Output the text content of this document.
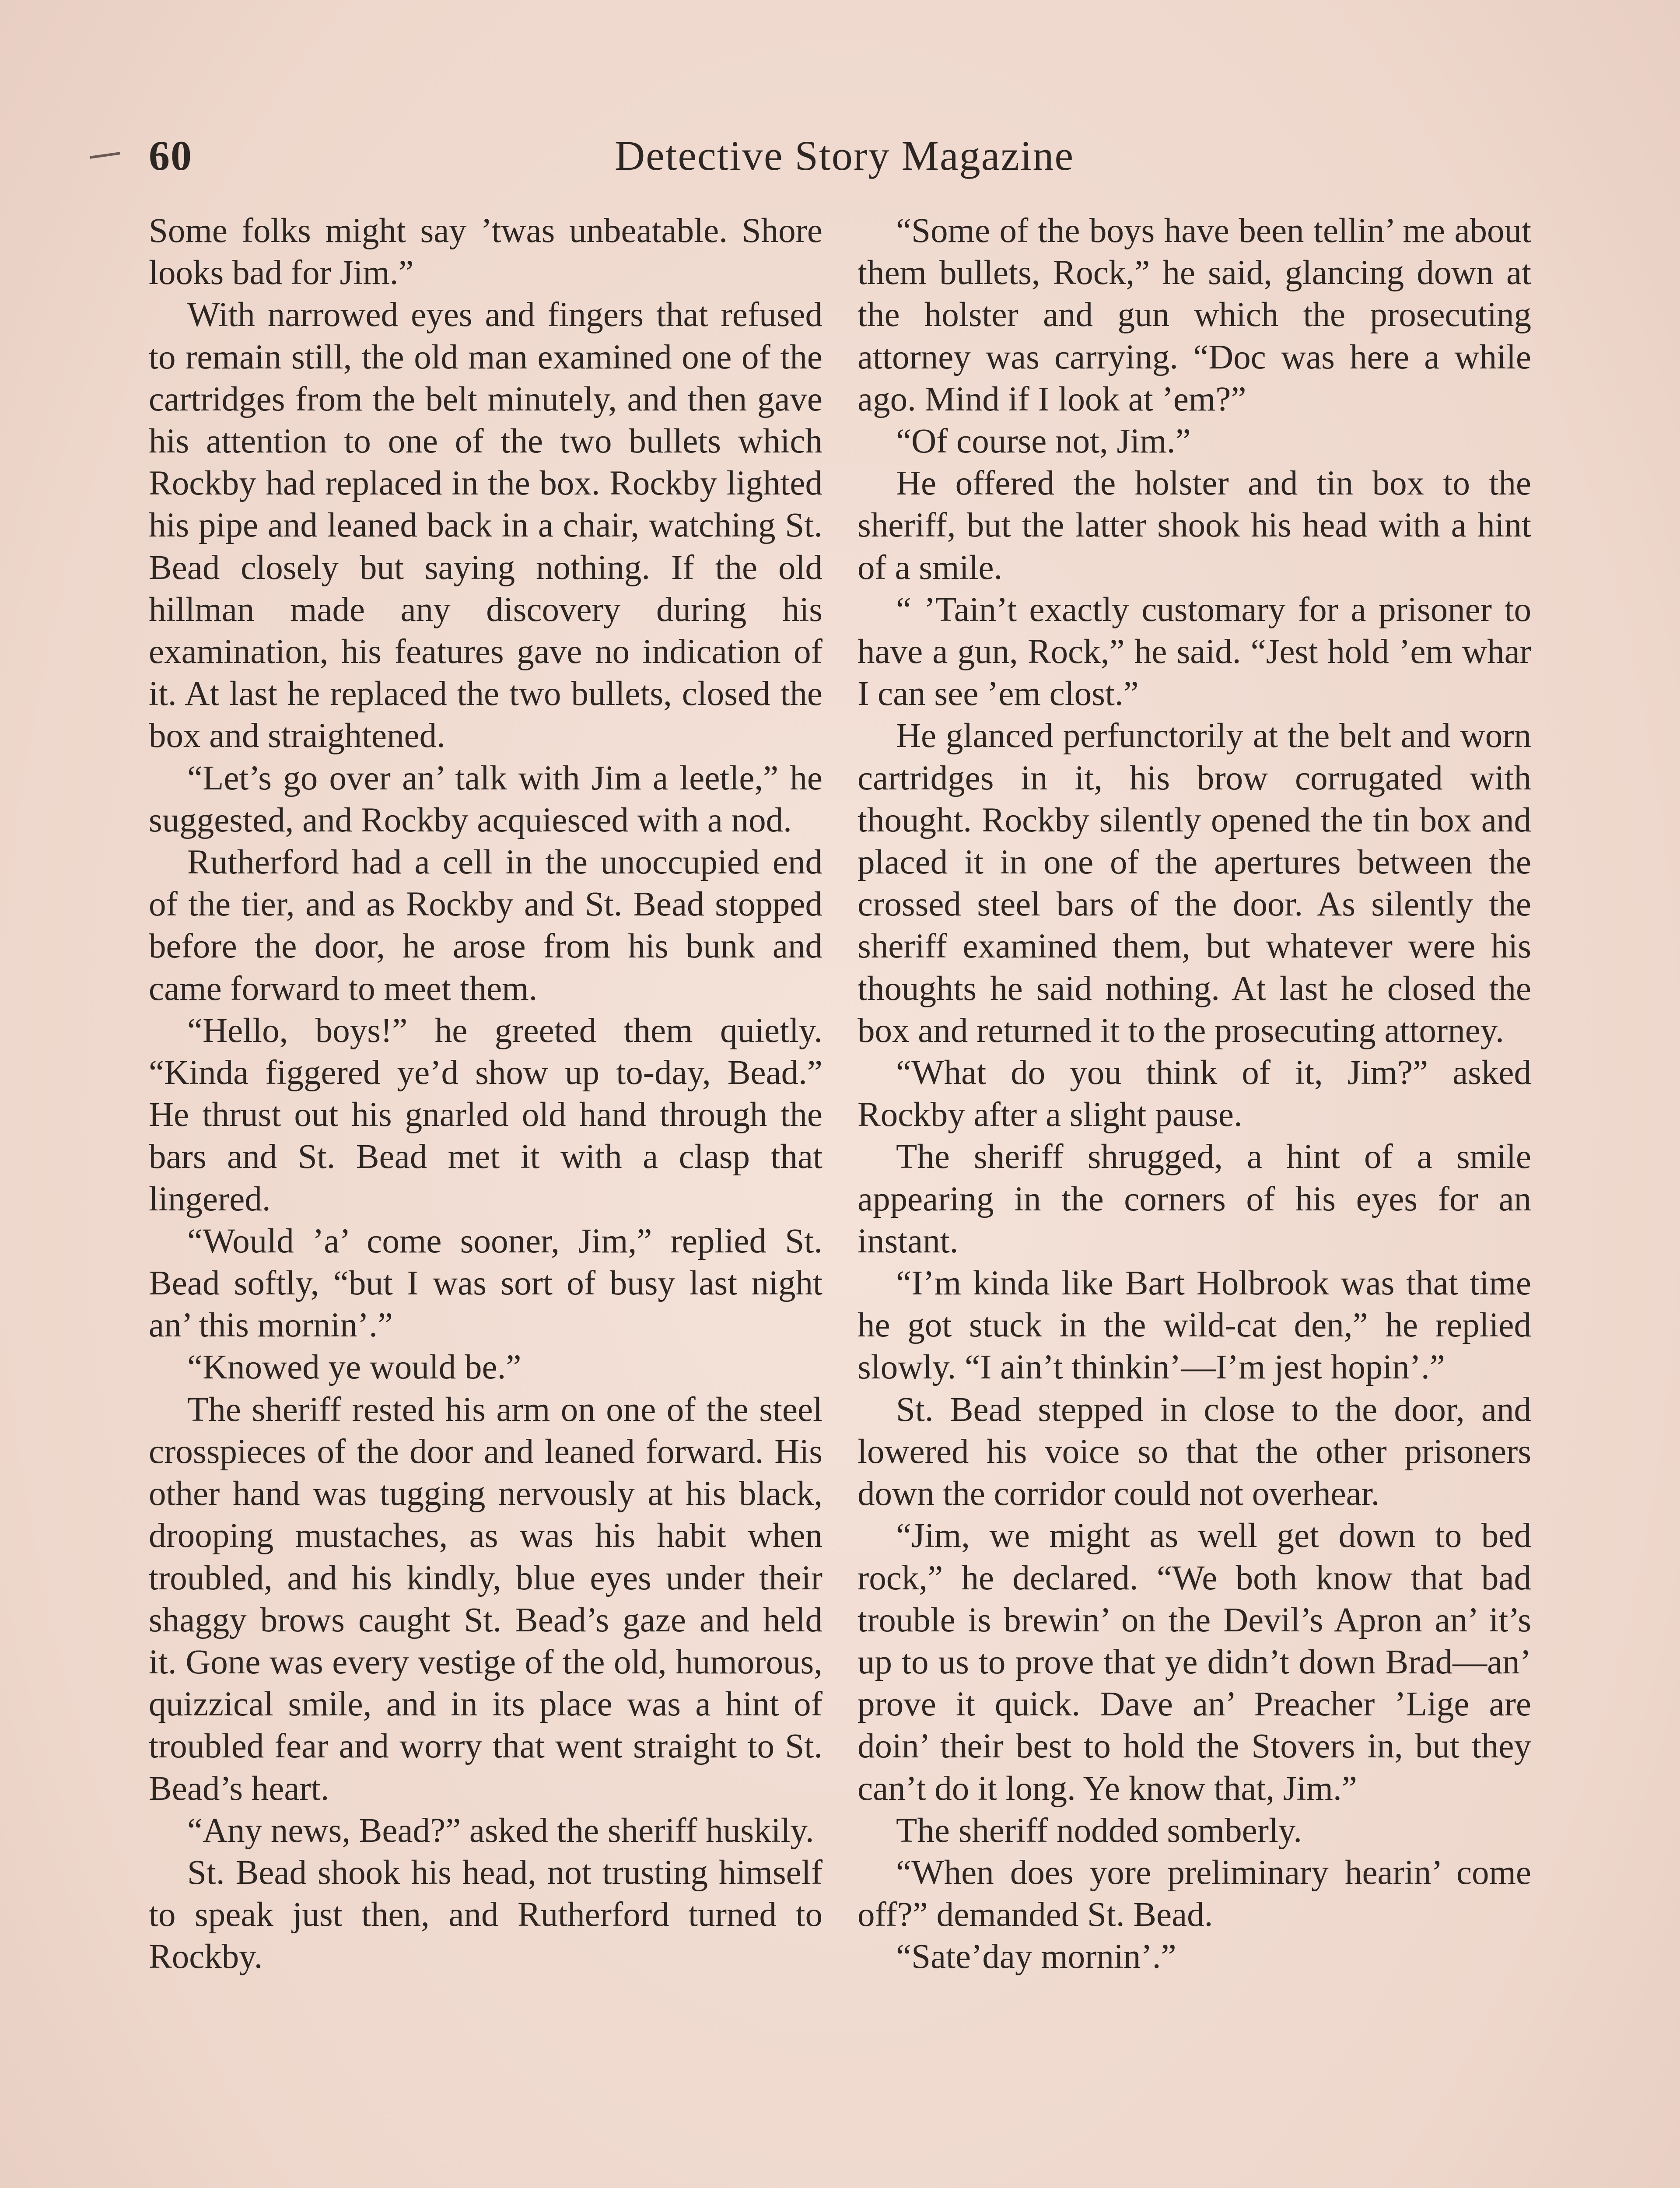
60	Detective Story Magazine

Some folks might say ’twas unbeatable. Shore looks bad for Jim.”

With narrowed eyes and fingers that refused to remain still, the old man examined one of the cartridges from the belt minutely, and then gave his attention to one of the two bullets which Rockby had replaced in the box. Rockby lighted his pipe and leaned back in a chair, watching St. Bead closely but saying nothing. If the old hillman made any discovery during his examination, his features gave no indication of it. At last he replaced the two bullets, closed the box and straightened.

“Let’s go over an’ talk with Jim a leetle,” he suggested, and Rockby acquiesced with a nod.

Rutherford had a cell in the unoccupied end of the tier, and as Rockby and St. Bead stopped before the door, he arose from his bunk and came forward to meet them.

“Hello, boys!” he greeted them quietly. “Kinda figgered ye’d show up to-day, Bead.” He thrust out his gnarled old hand through the bars and St. Bead met it with a clasp that lingered.

“Would ’a’ come sooner, Jim,” replied St. Bead softly, “but I was sort of busy last night an’ this mornin’.”

“Knowed ye would be.”

The sheriff rested his arm on one of the steel crosspieces of the door and leaned forward. His other hand was tugging nervously at his black, drooping mustaches, as was his habit when troubled, and his kindly, blue eyes under their shaggy brows caught St. Bead’s gaze and held it. Gone was every vestige of the old, humorous, quizzical smile, and in its place was a hint of troubled fear and worry that went straight to St. Bead’s heart.

“Any news, Bead?” asked the sheriff huskily.

St. Bead shook his head, not trusting himself to speak just then, and Rutherford turned to Rockby.

“Some of the boys have been tellin’ me about them bullets, Rock,” he said, glancing down at the holster and gun which the prosecuting attorney was carrying. “Doc was here a while ago. Mind if I look at ’em?”

“Of course not, Jim.”

He offered the holster and tin box to the sheriff, but the latter shook his head with a hint of a smile.

“ ’Tain’t exactly customary for a prisoner to have a gun, Rock,” he said. “Jest hold ’em whar I can see ’em clost.”

He glanced perfunctorily at the belt and worn cartridges in it, his brow corrugated with thought. Rockby silently opened the tin box and placed it in one of the apertures between the crossed steel bars of the door. As silently the sheriff examined them, but whatever were his thoughts he said nothing. At last he closed the box and returned it to the prosecuting attorney.

“What do you think of it, Jim?” asked Rockby after a slight pause.

The sheriff shrugged, a hint of a smile appearing in the corners of his eyes for an instant.

“I’m kinda like Bart Holbrook was that time he got stuck in the wild-cat den,” he replied slowly. “I ain’t thinkin’—I’m jest hopin’.”

St. Bead stepped in close to the door, and lowered his voice so that the other prisoners down the corridor could not overhear.

“Jim, we might as well get down to bed rock,” he declared. “We both know that bad trouble is brewin’ on the Devil’s Apron an’ it’s up to us to prove that ye didn’t down Brad—an’ prove it quick. Dave an’ Preacher ’Lige are doin’ their best to hold the Stovers in, but they can’t do it long. Ye know that, Jim.”

The sheriff nodded somberly.

“When does yore preliminary hearin’ come off?” demanded St. Bead.

“Sate’day mornin’.”
